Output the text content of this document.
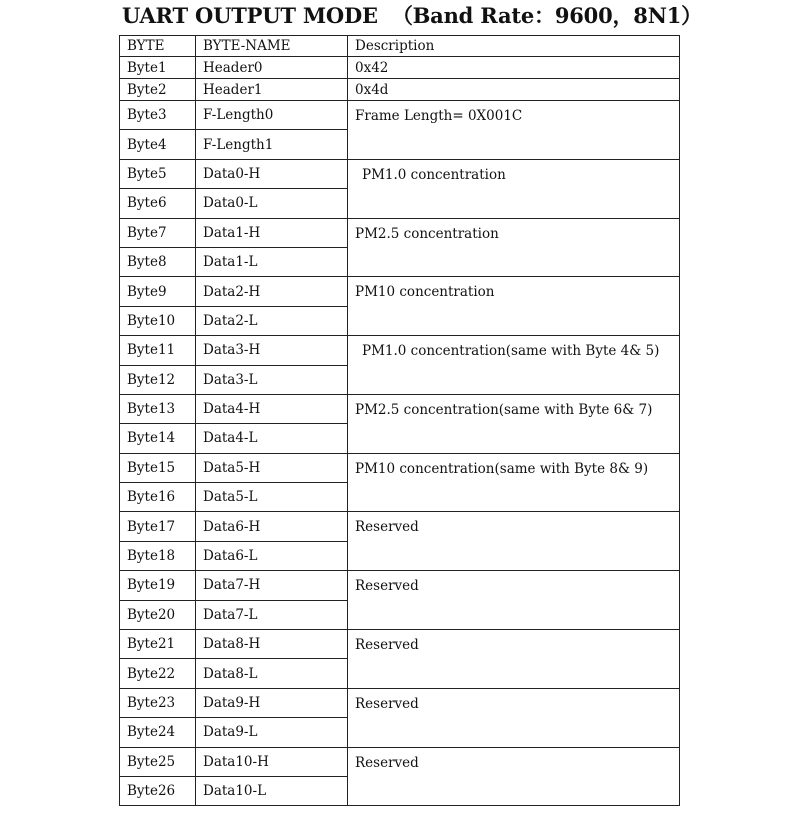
UART OUTPUT MODE （Band Rate：9600，8N1）
BYTE	BYTE-NAME	Description
Byte1	Header0	0x42
Byte2	Header1	0x4d
Byte3	F-Length0	Frame Length= 0X001C
Byte4	F-Length1	
Byte5	Data0-H	PM1.0 concentration
Byte6	Data0-L	
Byte7	Data1-H	PM2.5 concentration
Byte8	Data1-L	
Byte9	Data2-H	PM10 concentration
Byte10	Data2-L	
Byte11	Data3-H	PM1.0 concentration(same with Byte 4& 5)
Byte12	Data3-L	
Byte13	Data4-H	PM2.5 concentration(same with Byte 6& 7)
Byte14	Data4-L	
Byte15	Data5-H	PM10 concentration(same with Byte 8& 9)
Byte16	Data5-L	
Byte17	Data6-H	Reserved
Byte18	Data6-L	
Byte19	Data7-H	Reserved
Byte20	Data7-L	
Byte21	Data8-H	Reserved
Byte22	Data8-L	
Byte23	Data9-H	Reserved
Byte24	Data9-L	
Byte25	Data10-H	Reserved
Byte26	Data10-L	
